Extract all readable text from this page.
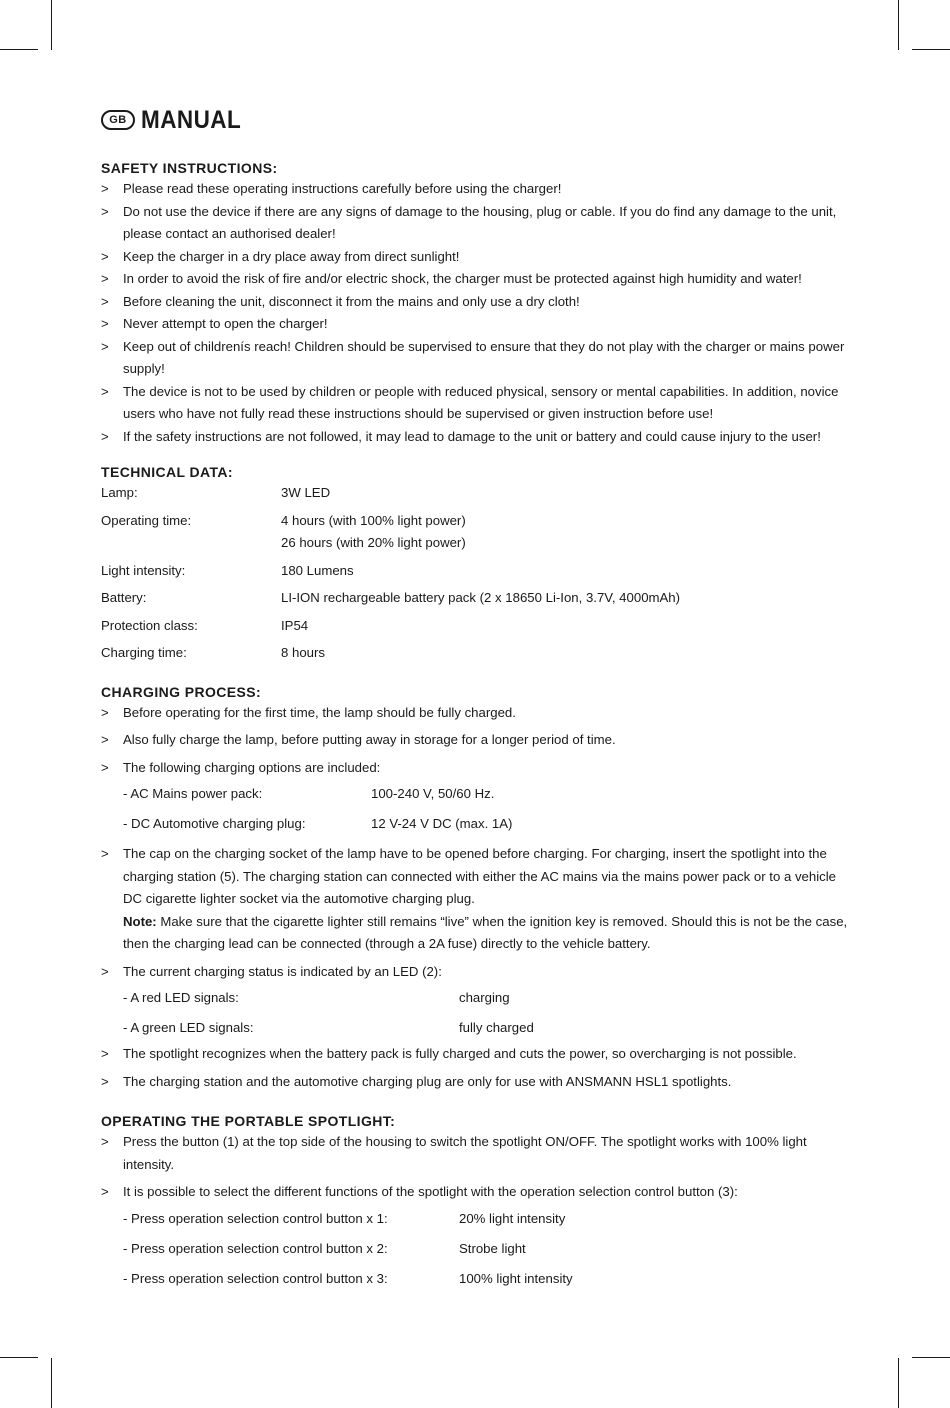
GB MANUAL
SAFETY INSTRUCTIONS:
> Please read these operating instructions carefully before using the charger!
> Do not use the device if there are any signs of damage to the housing, plug or cable. If you do find any damage to the unit, please contact an authorised dealer!
> Keep the charger in a dry place away from direct sunlight!
> In order to avoid the risk of fire and/or electric shock, the charger must be protected against high humidity and water!
> Before cleaning the unit, disconnect it from the mains and only use a dry cloth!
> Never attempt to open the charger!
> Keep out of childrenís reach! Children should be supervised to ensure that they do not play with the charger or mains power supply!
> The device is not to be used by children or people with reduced physical, sensory or mental capabilities. In addition, novice users who have not fully read these instructions should be supervised or given instruction before use!
> If the safety instructions are not followed, it may lead to damage to the unit or battery and could cause injury to the user!
TECHNICAL DATA:
Lamp:	3W LED
Operating time:	4 hours (with 100% light power)
26 hours (with 20% light power)
Light intensity:	180 Lumens
Battery:	LI-ION rechargeable battery pack (2 x 18650 Li-Ion, 3.7V, 4000mAh)
Protection class:	IP54
Charging time:	8 hours
CHARGING PROCESS:
> Before operating for the first time, the lamp should be fully charged.
> Also fully charge the lamp, before putting away in storage for a longer period of time.
> The following charging options are included:
- AC Mains power pack:	100-240 V, 50/60 Hz.
- DC Automotive charging plug:	12 V-24 V DC (max. 1A)
> The cap on the charging socket of the lamp have to be opened before charging. For charging, insert the spotlight into the charging station (5). The charging station can connected with either the AC mains via the mains power pack or to a vehicle DC cigarette lighter socket via the automotive charging plug.
Note: Make sure that the cigarette lighter still remains “live” when the ignition key is removed. Should this is not be the case, then the charging lead can be connected (through a 2A fuse) directly to the vehicle battery.
> The current charging status is indicated by an LED (2):
- A red LED signals:	charging
- A green LED signals:	fully charged
> The spotlight recognizes when the battery pack is fully charged and cuts the power, so overcharging is not possible.
> The charging station and the automotive charging plug are only for use with ANSMANN HSL1 spotlights.
OPERATING THE PORTABLE SPOTLIGHT:
> Press the button (1) at the top side of the housing to switch the spotlight ON/OFF. The spotlight works with 100% light intensity.
> It is possible to select the different functions of the spotlight with the operation selection control button (3):
- Press operation selection control button x 1:	20% light intensity
- Press operation selection control button x 2:	Strobe light
- Press operation selection control button x 3:	100% light intensity
